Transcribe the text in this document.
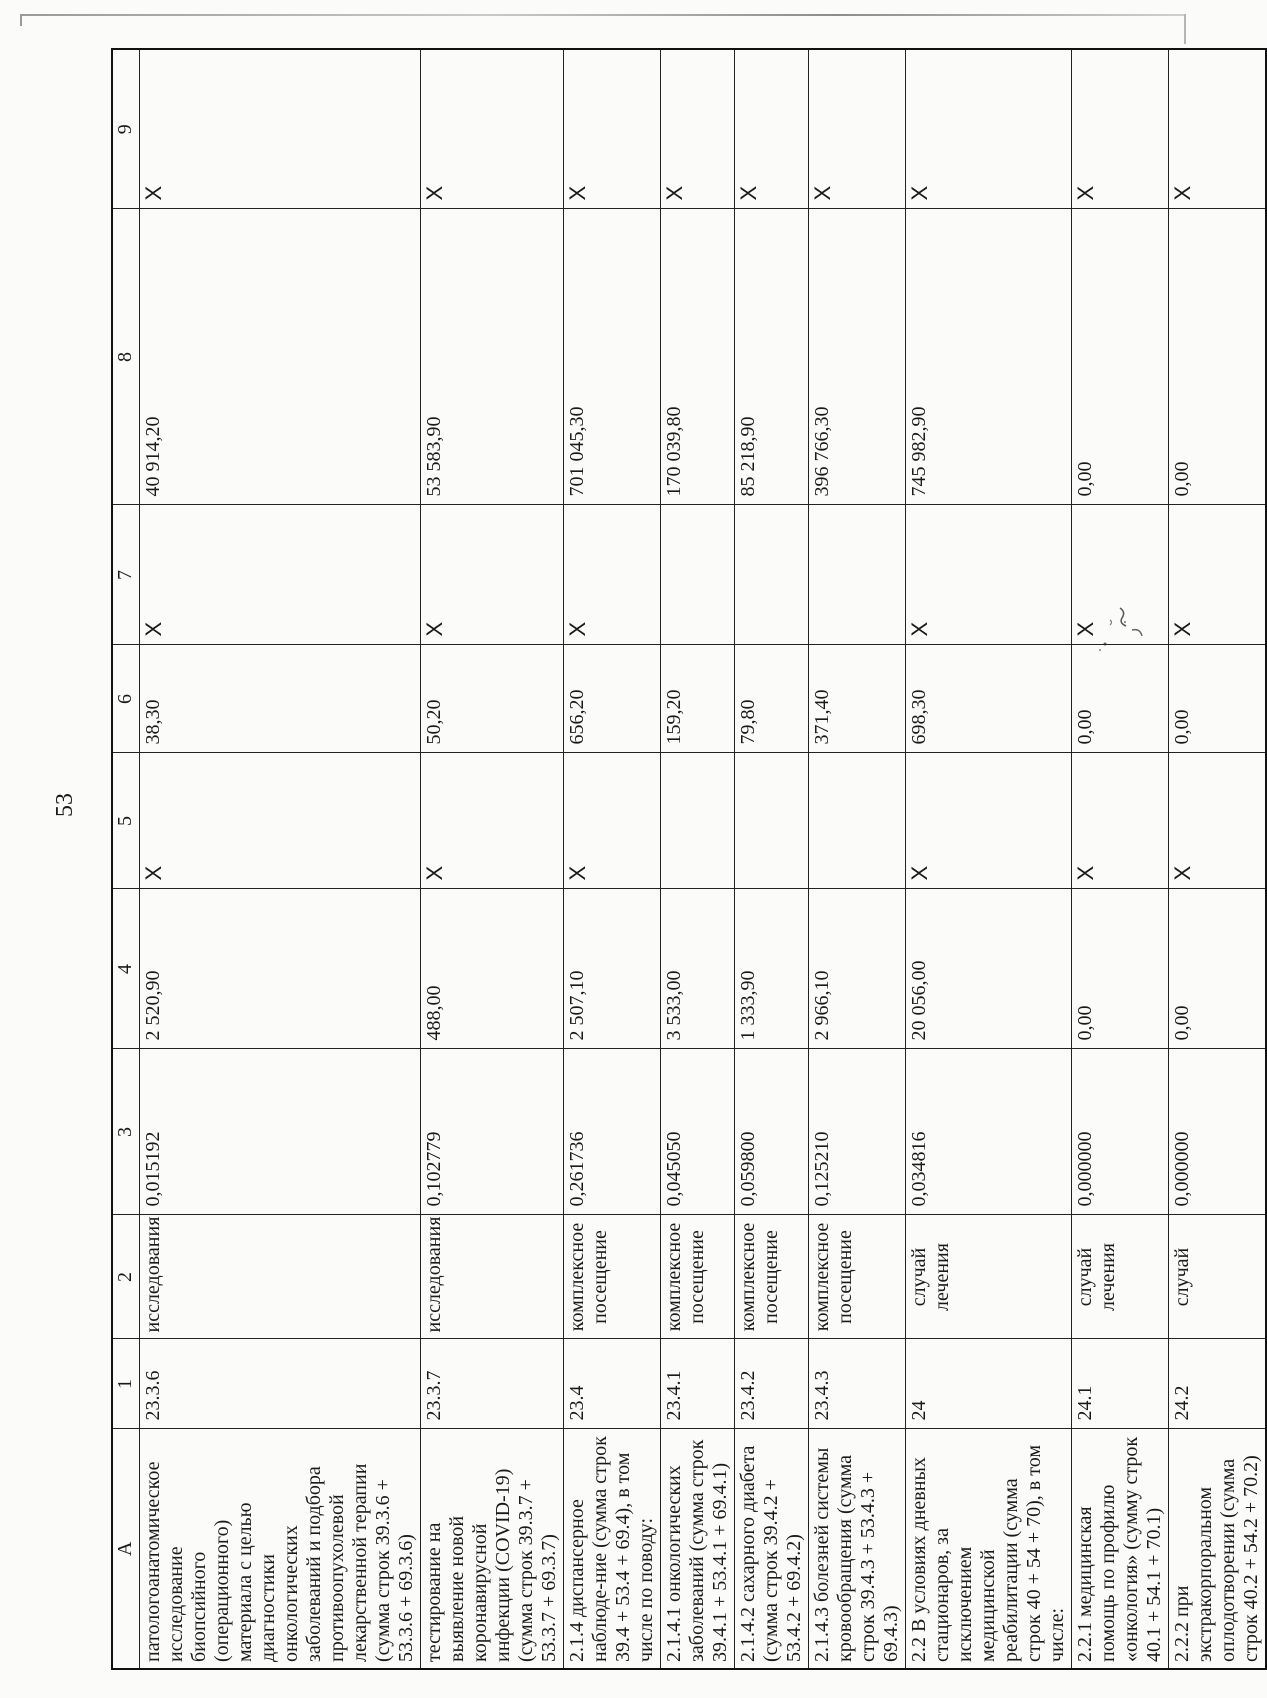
53
A	1	2	3	4	5	6	7	8	9
патологоанатомическое исследование биопсийного (операционного) материала с целью диагностики онкологических заболеваний и подбора противоопухолевой лекарственной терапии (сумма строк 39.3.6 + 53.3.6 + 69.3.6)	23.3.6	исследования	0,015192	2 520,90	X	38,30	X	40 914,20	X
тестирование на выявление новой коронавирусной инфекции (COVID-19) (сумма строк 39.3.7 + 53.3.7 + 69.3.7)	23.3.7	исследования	0,102779	488,00	X	50,20	X	53 583,90	X
2.1.4 диспансерное наблюде-ние (сумма строк 39.4 + 53.4 + 69.4), в том числе по поводу:	23.4	комплексное посещение	0,261736	2 507,10	X	656,20	X	701 045,30	X
2.1.4.1 онкологических заболеваний (сумма строк 39.4.1 + 53.4.1 + 69.4.1)	23.4.1	комплексное посещение	0,045050	3 533,00		159,20		170 039,80	X
2.1.4.2 сахарного диабета (сумма строк 39.4.2 + 53.4.2 + 69.4.2)	23.4.2	комплексное посещение	0,059800	1 333,90		79,80		85 218,90	X
2.1.4.3 болезней системы кровообращения (сумма строк 39.4.3 + 53.4.3 + 69.4.3)	23.4.3	комплексное посещение	0,125210	2 966,10		371,40		396 766,30	X
2.2 В условиях дневных стационаров, за исключением медицинской реабилитации (сумма строк 40 + 54 + 70), в том числе:	24	случай лечения	0,034816	20 056,00	X	698,30	X	745 982,90	X
2.2.1 медицинская помощь по профилю «онкология» (сумму строк 40.1 + 54.1 + 70.1)	24.1	случай лечения	0,000000	0,00	X	0,00	X	0,00	X
2.2.2 при экстракорпоральном оплодотворении (сумма строк 40.2 + 54.2 + 70.2)	24.2	случай	0,000000	0,00	X	0,00	X	0,00	X
